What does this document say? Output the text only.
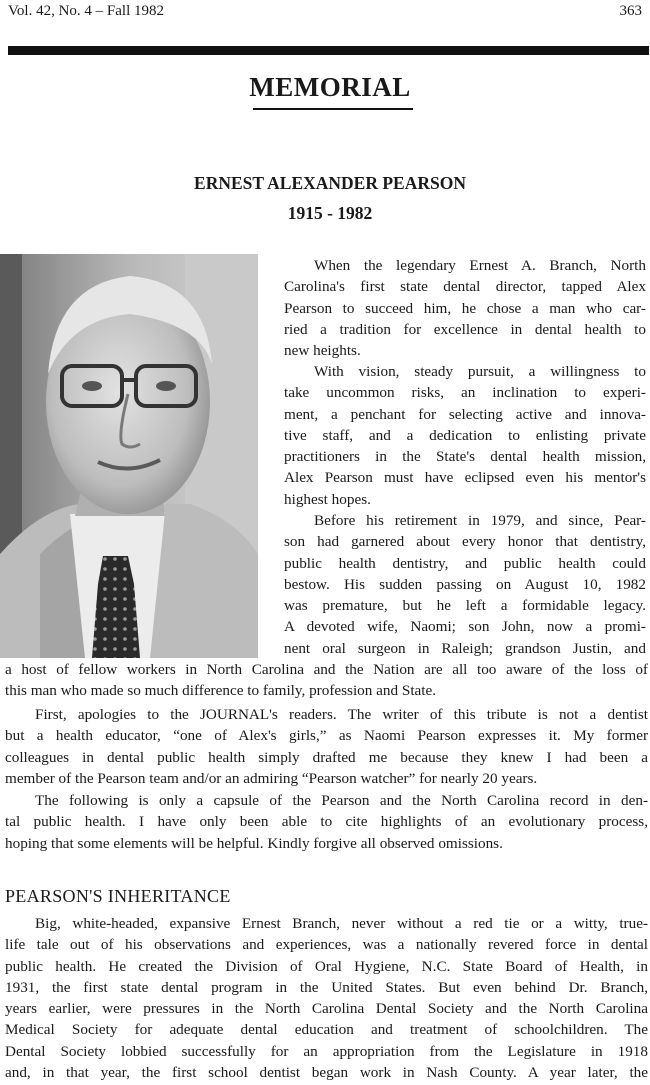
Vol. 42, No. 4 – Fall 1982	363
MEMORIAL
ERNEST ALEXANDER PEARSON
1915 - 1982

When the legendary Ernest A. Branch, North
Carolina's first state dental director, tapped Alex
Pearson to succeed him, he chose a man who car-
ried a tradition for excellence in dental health to
new heights.

With vision, steady pursuit, a willingness to
take uncommon risks, an inclination to experi-
ment, a penchant for selecting active and innova-
tive staff, and a dedication to enlisting private
practitioners in the State's dental health mission,
Alex Pearson must have eclipsed even his mentor's
highest hopes.

Before his retirement in 1979, and since, Pear-
son had garnered about every honor that dentistry,
public health dentistry, and public health could
bestow. His sudden passing on August 10, 1982
was premature, but he left a formidable legacy.
A devoted wife, Naomi; son John, now a promi-
nent oral surgeon in Raleigh; grandson Justin, and

a host of fellow workers in North Carolina and the Nation are all too aware of the loss of
this man who made so much difference to family, profession and State.

First, apologies to the JOURNAL's readers. The writer of this tribute is not a dentist
but a health educator, “one of Alex's girls,” as Naomi Pearson expresses it. My former
colleagues in dental public health simply drafted me because they knew I had been a
member of the Pearson team and/or an admiring “Pearson watcher” for nearly 20 years.

The following is only a capsule of the Pearson and the North Carolina record in den-
tal public health. I have only been able to cite highlights of an evolutionary process,
hoping that some elements will be helpful. Kindly forgive all observed omissions.

PEARSON'S INHERITANCE

Big, white-headed, expansive Ernest Branch, never without a red tie or a witty, true-
life tale out of his observations and experiences, was a nationally revered force in dental
public health. He created the Division of Oral Hygiene, N.C. State Board of Health, in
1931, the first state dental program in the United States. But even behind Dr. Branch,
years earlier, were pressures in the North Carolina Dental Society and the North Carolina
Medical Society for adequate dental education and treatment of schoolchildren. The
Dental Society lobbied successfully for an appropriation from the Legislature in 1918
and, in that year, the first school dentist began work in Nash County. A year later, the
